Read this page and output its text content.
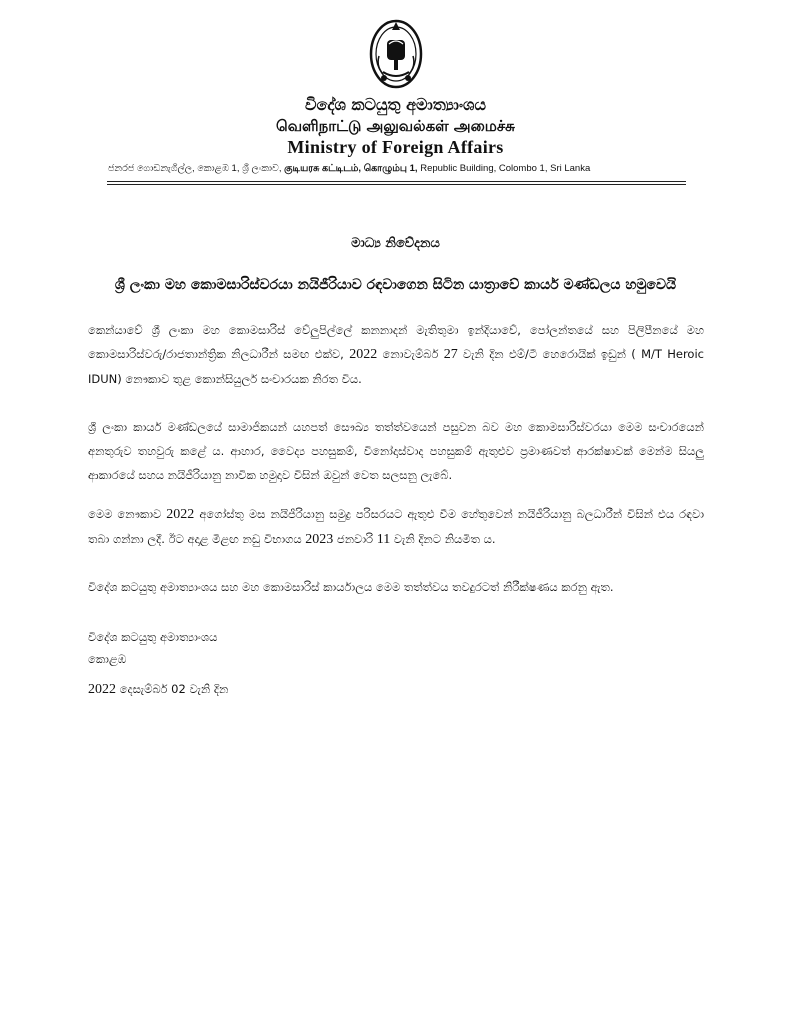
විදේශ කටයුතු අමාත්‍යාංශය
வெளிநாட்டு அலுவல்கள் அமைச்சு
Ministry of Foreign Affairs
ජනරජ ගොඩනැගිල්ල, කොළඹ 1, ශ්‍රී ලංකාව, குடியரசு கட்டிடம், கொழும்பு 1, Republic Building, Colombo 1, Sri Lanka
මාධ්‍ය නිවේදනය
ශ්‍රී ලංකා මහ කොමසාරිස්වරයා නයිජීරියාව රඳවාගෙන සිටින යාත්‍රාවේ කාර්ය මණ්ඩලය හමුවෙයි
කෙන්යාවේ ශ්‍රී ලංකා මහ කොමසාරිස් වේලුපිල්ලේ කනනාදන් මැතිතුමා ඉන්දියාවේ, පෝලන්තයේ සහ පිලිපීනයේ මහ කොමසාරිස්වරු/රාජතාන්ත්‍රික නිලධාරීන් සමඟ එක්ව, 2022 නොවැම්බර් 27 වැනි දින එම්/ටී හෙරොයික් ඉඩුන් ( M/T Heroic IDUN) නෞකාව තුළ කොන්සියුලර් සංචාරයක නිරත විය.
ශ්‍රී ලංකා කාර්ය මණ්ඩලයේ සාමාජිකයන් යහපත් සෞඛ්‍ය තත්ත්වයෙන් පසුවන බව මහ කොමසාරිස්වරයා මෙම සංචාරයෙන් අනතුරුව තහවුරු කළේ ය. ආහාර, වෛද්‍ය පහසුකම්, විනෝදාස්වාද පහසුකම් ඇතුළුව ප්‍රමාණවත් ආරක්ෂාවක් මෙන්ම සියලු ආකාරයේ සහය නයිජීරියානු නාවික හමුදාව විසින් ඔවුන් වෙත සලසනු ලැබේ.
මෙම නෞකාව 2022 අගෝස්තු මස නයිජීරියානු සමුද්‍ර පරිසරයට ඇතුළු වීම හේතුවෙන් නයිජීරියානු බලධාරීන් විසින් එය රඳවා තබා ගන්නා ලදී. ඊට අදාළ මීළඟ නඩු විභාගය 2023 ජනවාරි 11 වැනි දිනට නියමිත ය.
විදේශ කටයුතු අමාත්‍යාංශය සහ මහ කොමසාරිස් කාර්යාලය මෙම තත්ත්වය තවදුරටත් නිරීක්ෂණය කරනු ඇත.
විදේශ කටයුතු අමාත්‍යාංශය
කොළඹ
2022 දෙසැම්බර් 02 වැනි දින
